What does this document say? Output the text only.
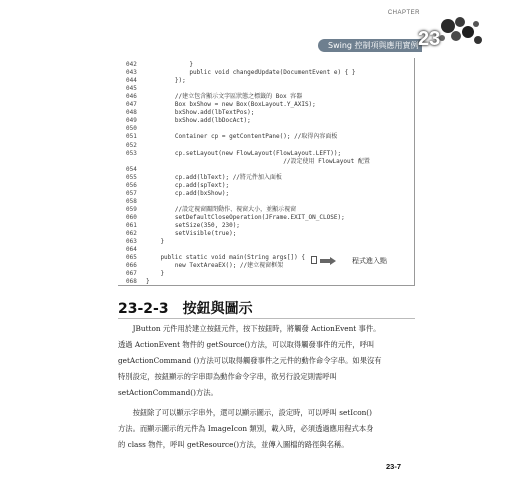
CHAPTER
Swing 控制項與應用實例 23
042            }
043            public void changedUpdate(DocumentEvent e) { }
044        });
045
046        //建立包含顯示文字區狀態之標籤的 Box 容器
047        Box bxShow = new Box(BoxLayout.Y_AXIS);
048        bxShow.add(lbTextPos);
049        bxShow.add(lbDocAct);
050
051        Container cp = getContentPane(); //取得內容面板
052
053        cp.setLayout(new FlowLayout(FlowLayout.LEFT));
//設定使用 FlowLayout 配置
054
055        cp.add(lbText); //將元件加入面板
056        cp.add(spText);
057        cp.add(bxShow);
058
059        //設定視窗關閉動作、視窗大小，並顯示視窗
060        setDefaultCloseOperation(JFrame.EXIT_ON_CLOSE);
061        setSize(350, 230);
062        setVisible(true);
063    }
064
065    public static void main(String args[]) {
066        new TextAreaEX(); //建立視窗框架
067    }
068 }
程式進入點
23-2-3　按鈕與圖示
　　JButton 元件用於建立按鈕元件，按下按鈕時，將觸發 ActionEvent 事件。
透過 ActionEvent 物件的 getSource()方法，可以取得觸發事件的元件，呼叫
getActionCommand ()方法可以取得觸發事件之元件的動作命令字串。如果沒有
特別設定，按鈕顯示的字串即為動作命令字串，欲另行設定則需呼叫
setActionCommand()方法。
　　按鈕除了可以顯示字串外，還可以顯示圖示，設定時，可以呼叫 setIcon()
方法。而顯示圖示的元件為 ImageIcon 類別，載入時，必須透過應用程式本身
的 class 物件，呼叫 getResource()方法，並傳入圖檔的路徑與名稱。
23-7
